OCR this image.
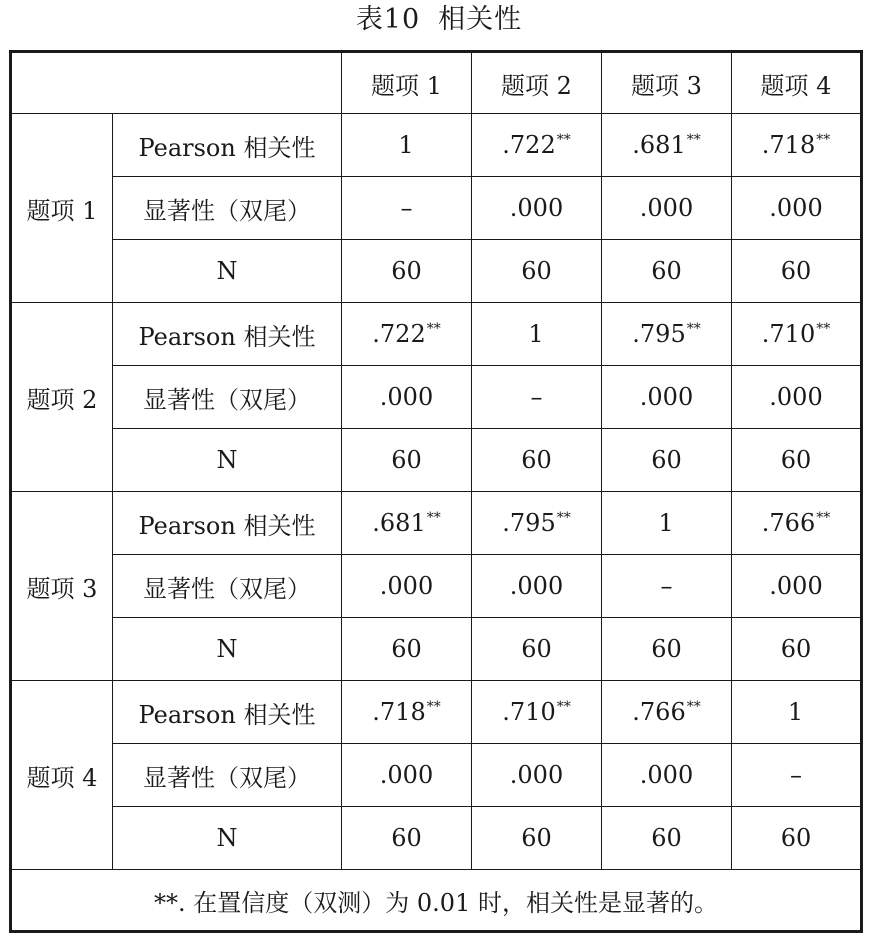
表10 相关性
		题项 1	题项 2	题项 3	题项 4
题项 1	Pearson 相关性	1	.722**	.681**	.718**
	显著性（双尾）	–	.000	.000	.000
	N	60	60	60	60
题项 2	Pearson 相关性	.722**	1	.795**	.710**
	显著性（双尾）	.000	–	.000	.000
	N	60	60	60	60
题项 3	Pearson 相关性	.681**	.795**	1	.766**
	显著性（双尾）	.000	.000	–	.000
	N	60	60	60	60
题项 4	Pearson 相关性	.718**	.710**	.766**	1
	显著性（双尾）	.000	.000	.000	–
	N	60	60	60	60
**. 在置信度（双测）为 0.01 时，相关性是显著的。					
